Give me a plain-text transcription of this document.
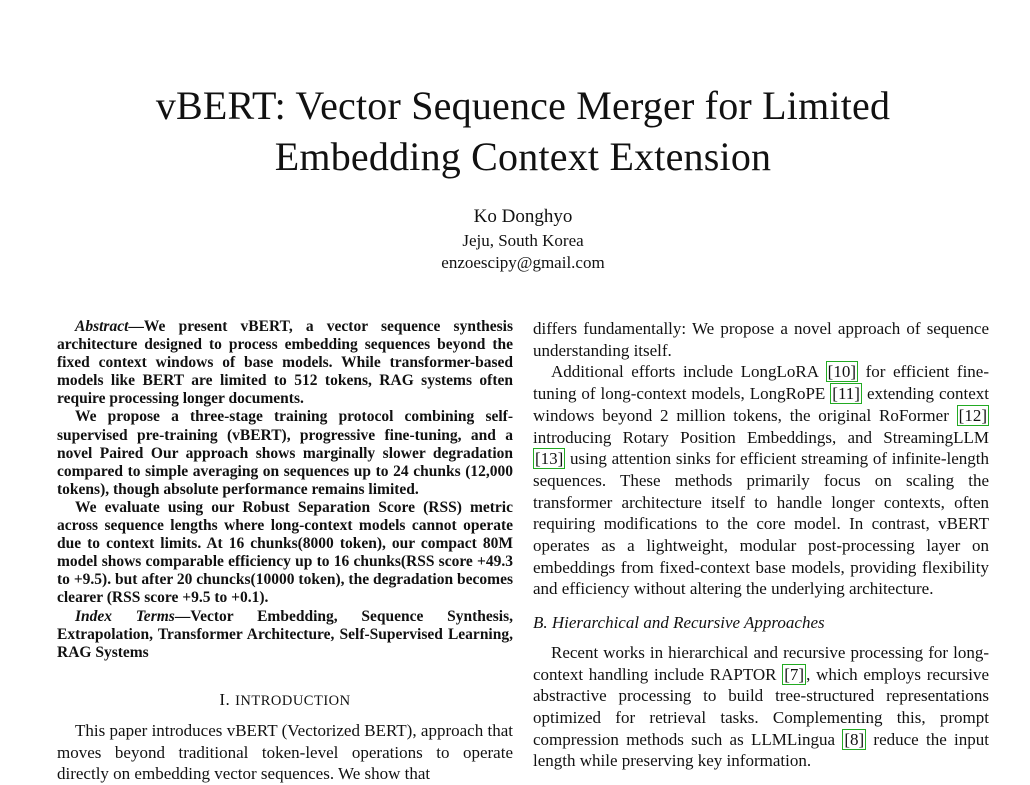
vBERT: Vector Sequence Merger for Limited
Embedding Context Extension
Ko Donghyo
Jeju, South Korea
enzoescipy@gmail.com

Abstract—We present vBERT, a vector sequence synthesis architecture designed to process embedding sequences beyond the fixed context windows of base models. While transformer-based models like BERT are limited to 512 tokens, RAG systems often require processing longer documents.

We propose a three-stage training protocol combining self-supervised pre-training (vBERT), progressive fine-tuning, and a novel Paired Our approach shows marginally slower degradation compared to simple averaging on sequences up to 24 chunks (12,000 tokens), though absolute performance remains limited.

We evaluate using our Robust Separation Score (RSS) metric across sequence lengths where long-context models cannot operate due to context limits. At 16 chunks(8000 token), our compact 80M model shows comparable efficiency up to 16 chunks(RSS score +49.3 to +9.5). but after 20 chuncks(10000 token), the degradation becomes clearer (RSS score +9.5 to +0.1).

Index Terms—Vector Embedding, Sequence Synthesis, Extrapolation, Transformer Architecture, Self-Supervised Learning, RAG Systems

I. INTRODUCTION

This paper introduces vBERT (Vectorized BERT), approach that moves beyond traditional token-level operations to operate directly on embedding vector sequences. We show that

differs fundamentally: We propose a novel approach of sequence understanding itself.

Additional efforts include LongLoRA [10] for efficient fine-tuning of long-context models, LongRoPE [11] extending context windows beyond 2 million tokens, the original RoFormer [12] introducing Rotary Position Embeddings, and StreamingLLM [13] using attention sinks for efficient streaming of infinite-length sequences. These methods primarily focus on scaling the transformer architecture itself to handle longer contexts, often requiring modifications to the core model. In contrast, vBERT operates as a lightweight, modular post-processing layer on embeddings from fixed-context base models, providing flexibility and efficiency without altering the underlying architecture.

B. Hierarchical and Recursive Approaches

Recent works in hierarchical and recursive processing for long-context handling include RAPTOR [7] , which employs recursive abstractive processing to build tree-structured representations optimized for retrieval tasks. Complementing this, prompt compression methods such as LLMLingua [8] reduce the input length while preserving key information.
